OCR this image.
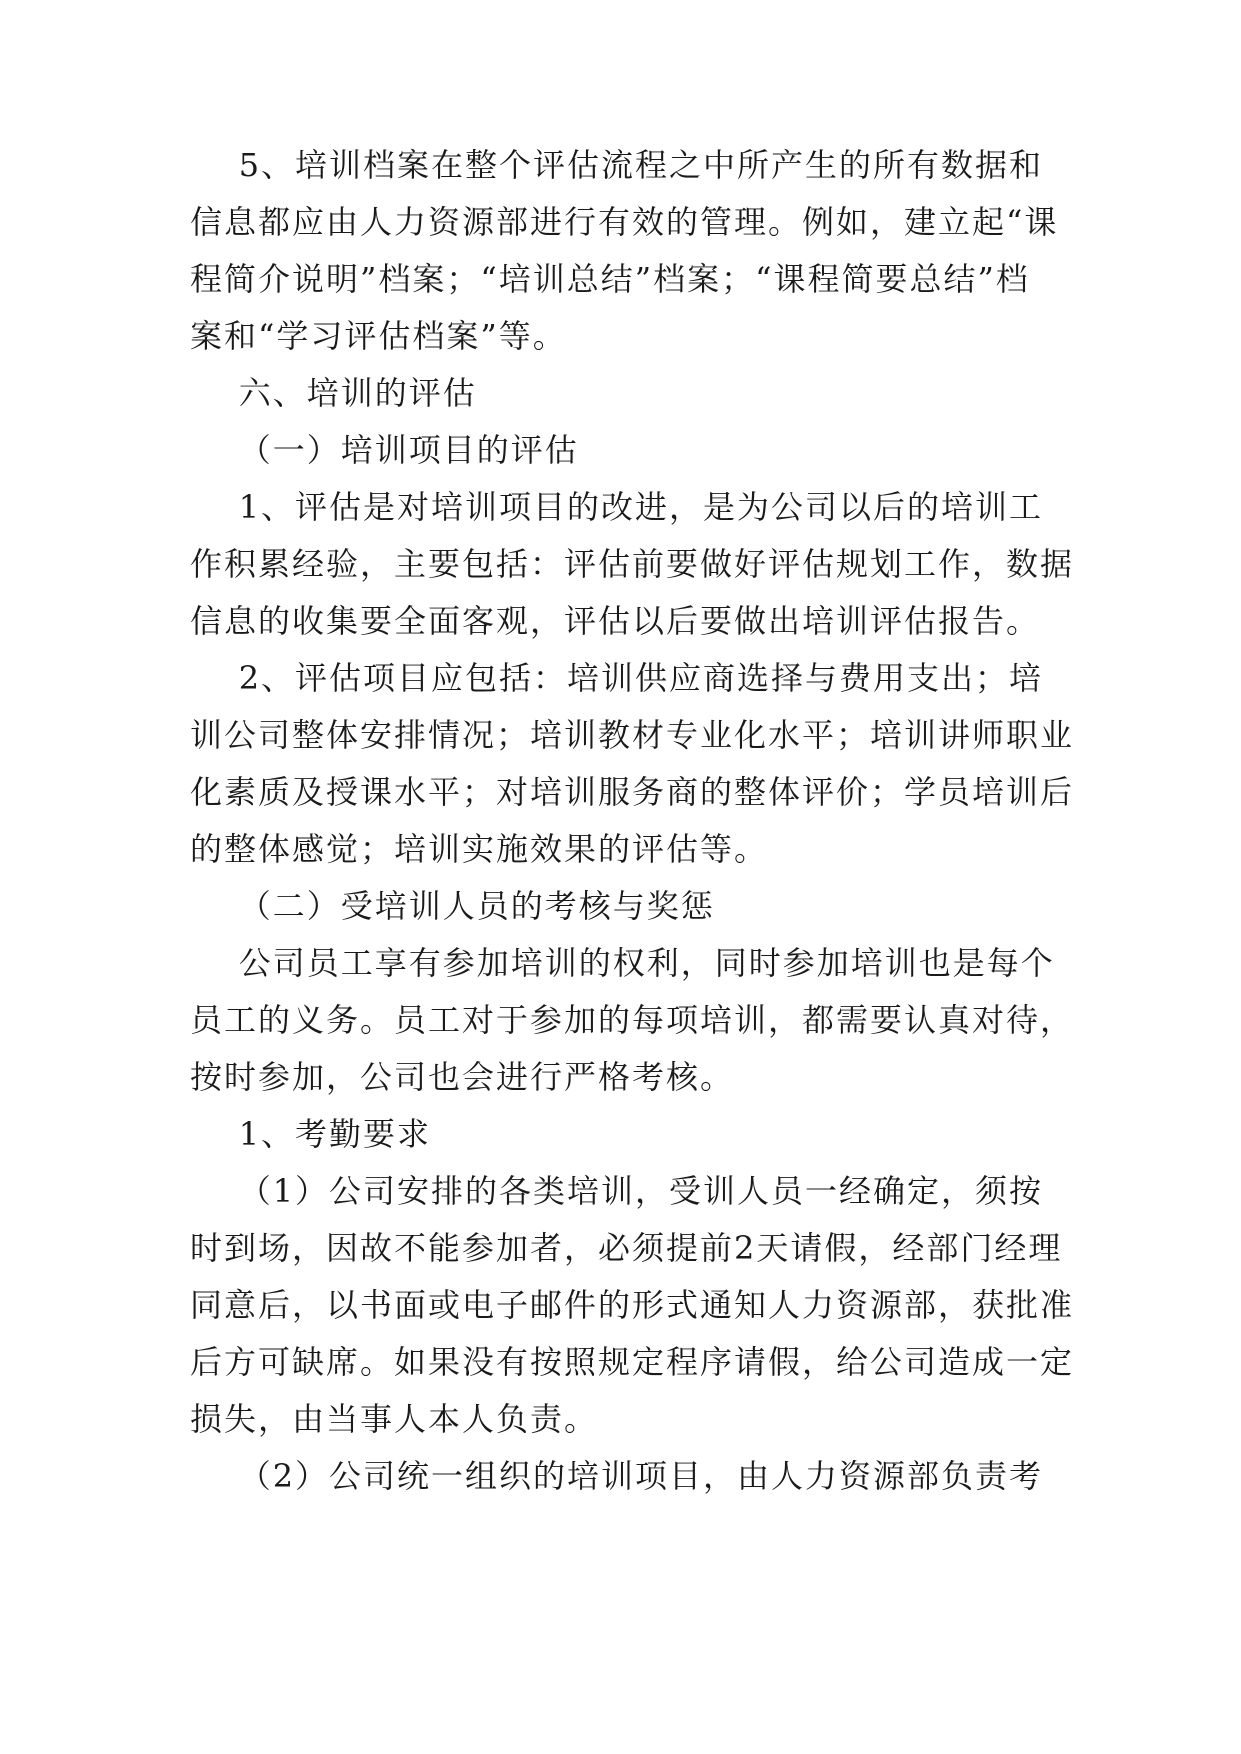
5、培训档案在整个评估流程之中所产生的所有数据和
信息都应由人力资源部进行有效的管理。例如，建立起“课
程简介说明”档案；“培训总结”档案；“课程简要总结”档
案和“学习评估档案”等。
六、培训的评估
（一）培训项目的评估
1、评估是对培训项目的改进，是为公司以后的培训工
作积累经验，主要包括：评估前要做好评估规划工作，数据
信息的收集要全面客观，评估以后要做出培训评估报告。
2、评估项目应包括：培训供应商选择与费用支出；培
训公司整体安排情况；培训教材专业化水平；培训讲师职业
化素质及授课水平；对培训服务商的整体评价；学员培训后
的整体感觉；培训实施效果的评估等。
（二）受培训人员的考核与奖惩
公司员工享有参加培训的权利，同时参加培训也是每个
员工的义务。员工对于参加的每项培训，都需要认真对待，
按时参加，公司也会进行严格考核。
1、考勤要求
（1）公司安排的各类培训，受训人员一经确定，须按
时到场，因故不能参加者，必须提前2天请假，经部门经理
同意后，以书面或电子邮件的形式通知人力资源部，获批准
后方可缺席。如果没有按照规定程序请假，给公司造成一定
损失，由当事人本人负责。
（2）公司统一组织的培训项目，由人力资源部负责考
